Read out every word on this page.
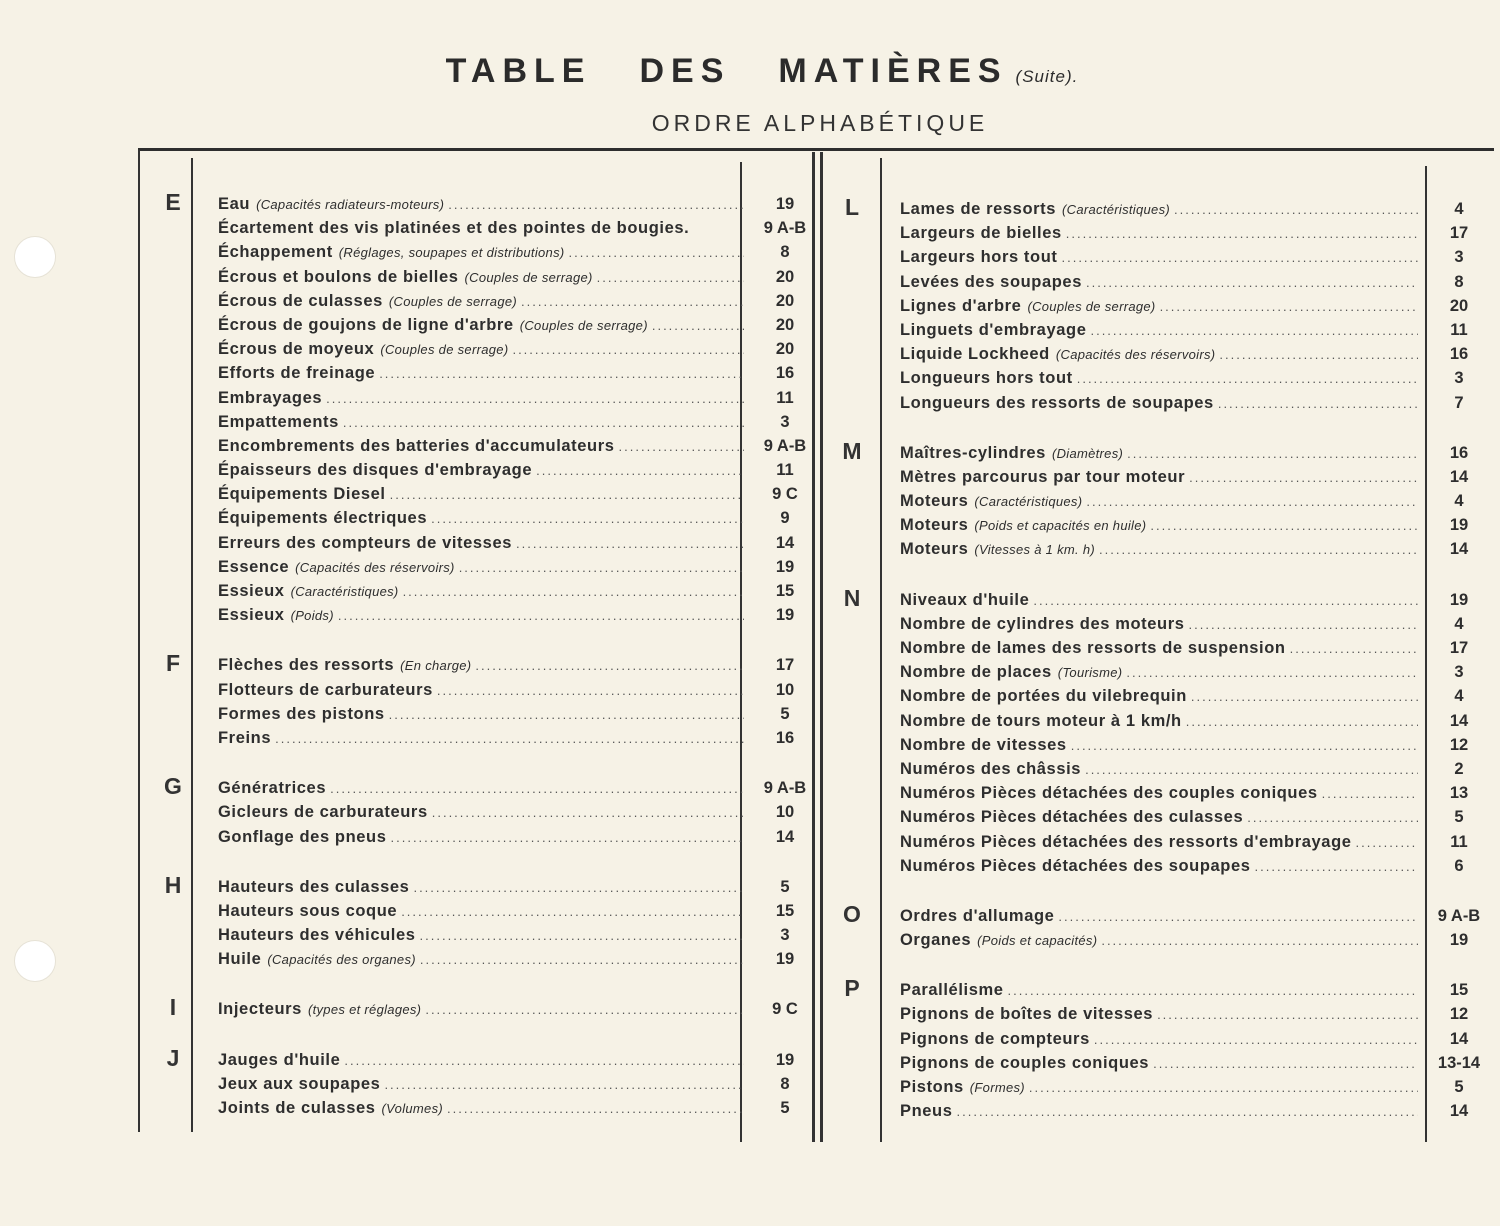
TABLE DES MATIÈRES (Suite).
ORDRE ALPHABÉTIQUE
E	Eau (Capacités radiateurs-moteurs) .....	19
Écartement des vis platinées et des pointes de bougies.	9 A-B
Échappement (Réglages, soupapes et distributions) .....	8
Écrous et boulons de bielles (Couples de serrage) .....	20
Écrous de culasses (Couples de serrage) .....	20
Écrous de goujons de ligne d'arbre (Couples de serrage) .....	20
Écrous de moyeux (Couples de serrage) .....	20
Efforts de freinage .....	16
Embrayages .....	11
Empattements .....	3
Encombrements des batteries d'accumulateurs .....	9 A-B
Épaisseurs des disques d'embrayage .....	11
Équipements Diesel .....	9 C
Équipements électriques .....	9
Erreurs des compteurs de vitesses .....	14
Essence (Capacités des réservoirs) .....	19
Essieux (Caractéristiques) .....	15
Essieux (Poids) .....	19
F	Flèches des ressorts (En charge) .....	17
Flotteurs de carburateurs .....	10
Formes des pistons .....	5
Freins .....	16
G	Génératrices .....	9 A-B
Gicleurs de carburateurs .....	10
Gonflage des pneus .....	14
H	Hauteurs des culasses .....	5
Hauteurs sous coque .....	15
Hauteurs des véhicules .....	3
Huile (Capacités des organes) .....	19
I	Injecteurs (types et réglages) .....	9 C
J	Jauges d'huile .....	19
Jeux aux soupapes .....	8
Joints de culasses (Volumes) .....	5
L	Lames de ressorts (Caractéristiques) .....	4
Largeurs de bielles .....	17
Largeurs hors tout .....	3
Levées des soupapes .....	8
Lignes d'arbre (Couples de serrage) .....	20
Linguets d'embrayage .....	11
Liquide Lockheed (Capacités des réservoirs) .....	16
Longueurs hors tout .....	3
Longueurs des ressorts de soupapes .....	7
M	Maîtres-cylindres (Diamètres) .....	16
Mètres parcourus par tour moteur .....	14
Moteurs (Caractéristiques) .....	4
Moteurs (Poids et capacités en huile) .....	19
Moteurs (Vitesses à 1 km. h) .....	14
N	Niveaux d'huile .....	19
Nombre de cylindres des moteurs .....	4
Nombre de lames des ressorts de suspension .....	17
Nombre de places (Tourisme) .....	3
Nombre de portées du vilebrequin .....	4
Nombre de tours moteur à 1 km/h .....	14
Nombre de vitesses .....	12
Numéros des châssis .....	2
Numéros Pièces détachées des couples coniques .....	13
Numéros Pièces détachées des culasses .....	5
Numéros Pièces détachées des ressorts d'embrayage .....	11
Numéros Pièces détachées des soupapes .....	6
O	Ordres d'allumage .....	9 A-B
Organes (Poids et capacités) .....	19
P	Parallélisme .....	15
Pignons de boîtes de vitesses .....	12
Pignons de compteurs .....	14
Pignons de couples coniques .....	13-14
Pistons (Formes) .....	5
Pneus .....	14
